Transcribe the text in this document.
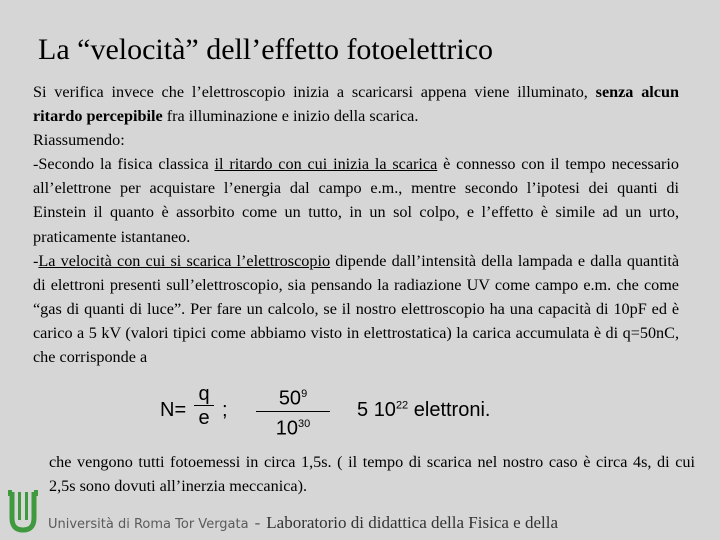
La “velocità” dell’effetto fotoelettrico

Si verifica invece che l’elettroscopio inizia a scaricarsi appena viene illuminato, senza alcun ritardo percepibile fra illuminazione e inizio della scarica.

Riassumendo:

-Secondo la fisica classica il ritardo con cui inizia la scarica è connesso con il tempo necessario all’elettrone per acquistare l’energia dal campo e.m., mentre secondo l’ipotesi dei quanti di Einstein il quanto è assorbito come un tutto, in un sol colpo, e l’effetto è simile ad un urto, praticamente istantaneo.

-La velocità con cui si scarica l’elettroscopio dipende dall’intensità della lampada e dalla quantità di elettroni presenti sull’elettroscopio, sia pensando la radiazione UV come campo e.m. che come “gas di quanti di luce”. Per fare un calcolo, se il nostro elettroscopio ha una capacità di 10pF ed è carico a 5 kV (valori tipici come abbiamo visto in elettrostatica) la carica accumulata è di q=50nC, che corrisponde a

N=
q
e ;
$50^9$
$10^{30}$
5 $10^{22}$ elettroni.

che vengono tutti fotoemessi in circa 1,5s. ( il tempo di scarica nel nostro caso è circa 4s, di cui 2,5s sono dovuti all’inerzia meccanica).

Università di Roma Tor Vergata - Laboratorio di didattica della Fisica e della
